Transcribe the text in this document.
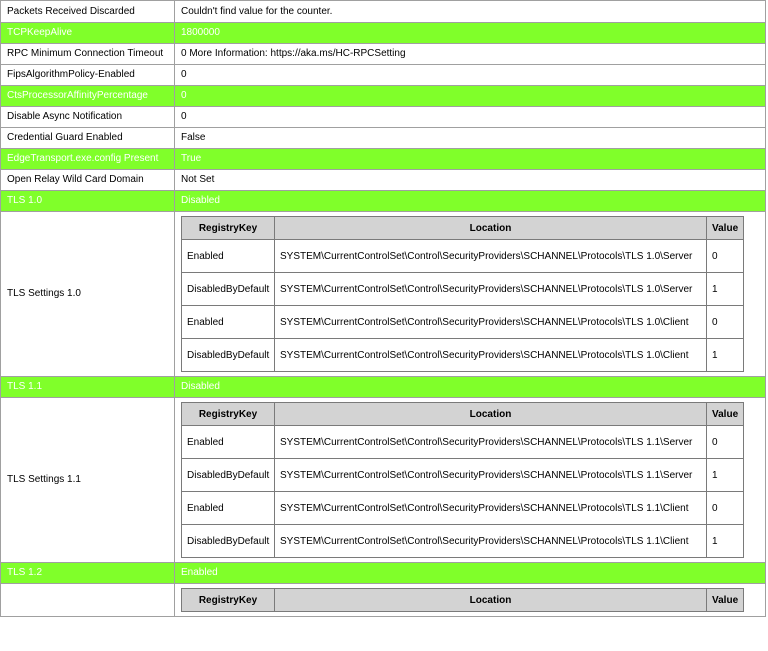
Packets Received Discarded	Couldn't find value for the counter.
TCPKeepAlive	1800000
RPC Minimum Connection Timeout	0 More Information: https://aka.ms/HC-RPCSetting
FipsAlgorithmPolicy-Enabled	0
CtsProcessorAffinityPercentage	0
Disable Async Notification	0
Credential Guard Enabled	False
EdgeTransport.exe.config Present	True
Open Relay Wild Card Domain	Not Set
TLS 1.0	Disabled
TLS Settings 1.0	
RegistryKey	Location	Value
Enabled	SYSTEM\CurrentControlSet\Control\SecurityProviders\SCHANNEL\Protocols\TLS 1.0\Server	0
DisabledByDefault	SYSTEM\CurrentControlSet\Control\SecurityProviders\SCHANNEL\Protocols\TLS 1.0\Server	1
Enabled	SYSTEM\CurrentControlSet\Control\SecurityProviders\SCHANNEL\Protocols\TLS 1.0\Client	0
DisabledByDefault	SYSTEM\CurrentControlSet\Control\SecurityProviders\SCHANNEL\Protocols\TLS 1.0\Client	1

TLS 1.1	Disabled
TLS Settings 1.1	
RegistryKey	Location	Value
Enabled	SYSTEM\CurrentControlSet\Control\SecurityProviders\SCHANNEL\Protocols\TLS 1.1\Server	0
DisabledByDefault	SYSTEM\CurrentControlSet\Control\SecurityProviders\SCHANNEL\Protocols\TLS 1.1\Server	1
Enabled	SYSTEM\CurrentControlSet\Control\SecurityProviders\SCHANNEL\Protocols\TLS 1.1\Client	0
DisabledByDefault	SYSTEM\CurrentControlSet\Control\SecurityProviders\SCHANNEL\Protocols\TLS 1.1\Client	1

TLS 1.2	Enabled

RegistryKey	Location	Value
